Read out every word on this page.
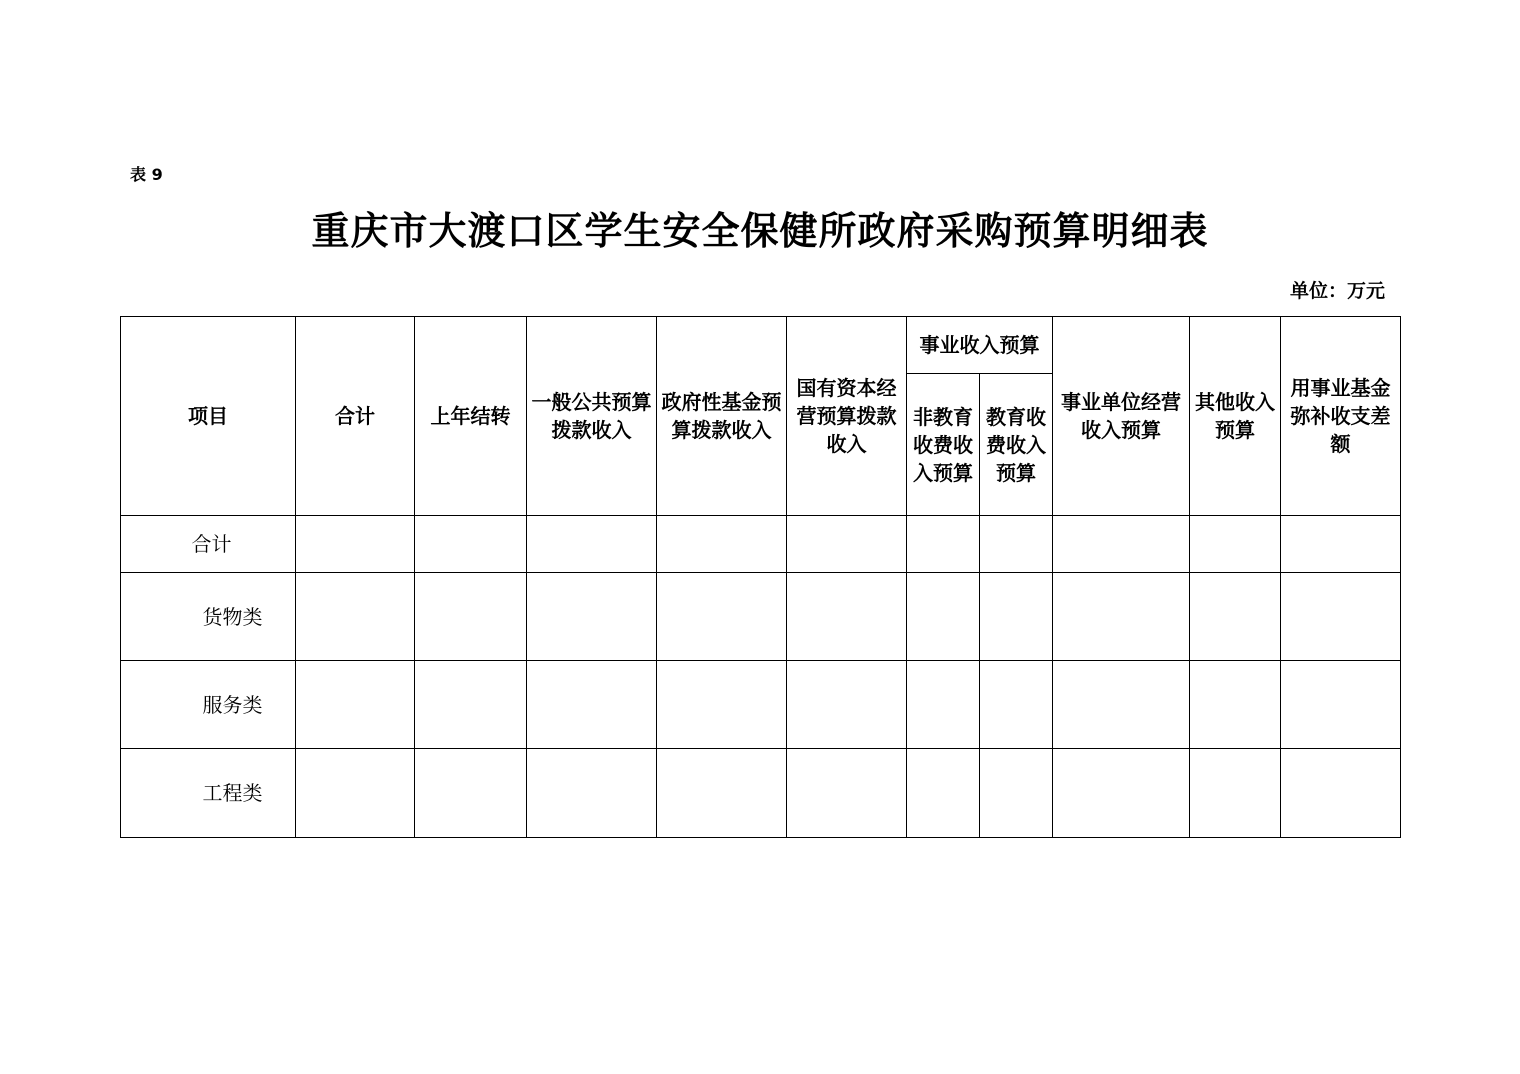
表 9
重庆市大渡口区学生安全保健所政府采购预算明细表
单位：万元
项目	合计	上年结转	一般公共预算拨款收入	政府性基金预算拨款收入	国有资本经营预算拨款收入	事业收入预算		事业单位经营收入预算	其他收入预算	用事业基金弥补收支差额
						非教育收费收入预算	教育收费收入预算			
合计										
货物类										
服务类										
工程类										
